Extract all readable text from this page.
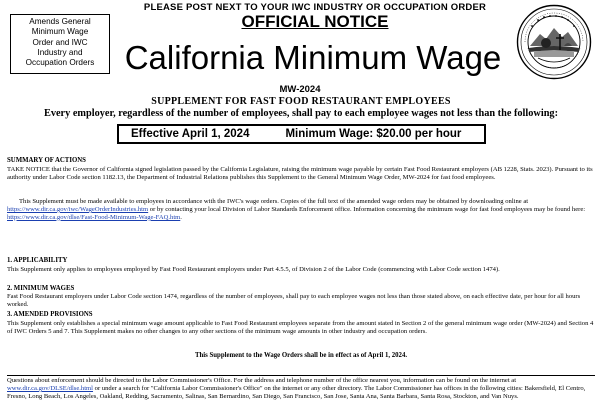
Amends General
Minimum Wage
Order and IWC
Industry and
Occupation Orders
PLEASE POST NEXT TO YOUR IWC INDUSTRY OR OCCUPATION ORDER
OFFICIAL NOTICE
California Minimum Wage
MW-2024
SUPPLEMENT FOR FAST FOOD RESTAURANT EMPLOYEES
Every employer, regardless of the number of employees, shall pay to each employee wages not less than the following:
Effective April 1, 2024	Minimum Wage: $20.00 per hour
SUMMARY OF ACTIONS
TAKE NOTICE that the Governor of California signed legislation passed by the California Legislature, raising the minimum wage payable by certain Fast Food Restaurant employers (AB 1228, Stats. 2023). Pursuant to its authority under Labor Code section 1182.13, the Department of Industrial Relations publishes this Supplement to the General Minimum Wage Order, MW-2024 for fast food employees.
This Supplement must be made available to employees in accordance with the IWC's wage orders. Copies of the full text of the amended wage orders may be obtained by downloading online at https://www.dir.ca.gov/iwc/WageOrderIndustries.htm or by contacting your local Division of Labor Standards Enforcement office. Information concerning the minimum wage for fast food employees may be found here: https://www.dir.ca.gov/dlse/Fast-Food-Minimum-Wage-FAQ.htm.
1. APPLICABILITY
This Supplement only applies to employees employed by Fast Food Restaurant employers under Part 4.5.5, of Division 2 of the Labor Code (commencing with Labor Code section 1474).
2. MINIMUM WAGES
Fast Food Restaurant employers under Labor Code section 1474, regardless of the number of employees, shall pay to each employee wages not less than those stated above, on each effective date, per hour for all hours worked.
3. AMENDED PROVISIONS
This Supplement only establishes a special minimum wage amount applicable to Fast Food Restaurant employees separate from the amount stated in Section 2 of the general minimum wage order (MW-2024) and Section 4 of IWC Orders 5 and 7. This Supplement makes no other changes to any other sections of the minimum wage amounts in other industry and occupation orders.
This Supplement to the Wage Orders shall be in effect as of April 1, 2024.
Questions about enforcement should be directed to the Labor Commissioner's Office. For the address and telephone number of the office nearest you, information can be found on the internet at www.dir.ca.gov/DLSE/dlse.html or under a search for "California Labor Commissioner's Office" on the internet or any other directory. The Labor Commissioner has offices in the following cities: Bakersfield, El Centro, Fresno, Long Beach, Los Angeles, Oakland, Redding, Sacramento, Salinas, San Bernardino, San Diego, San Francisco, San Jose, Santa Ana, Santa Barbara, Santa Rosa, Stockton, and Van Nuys.
